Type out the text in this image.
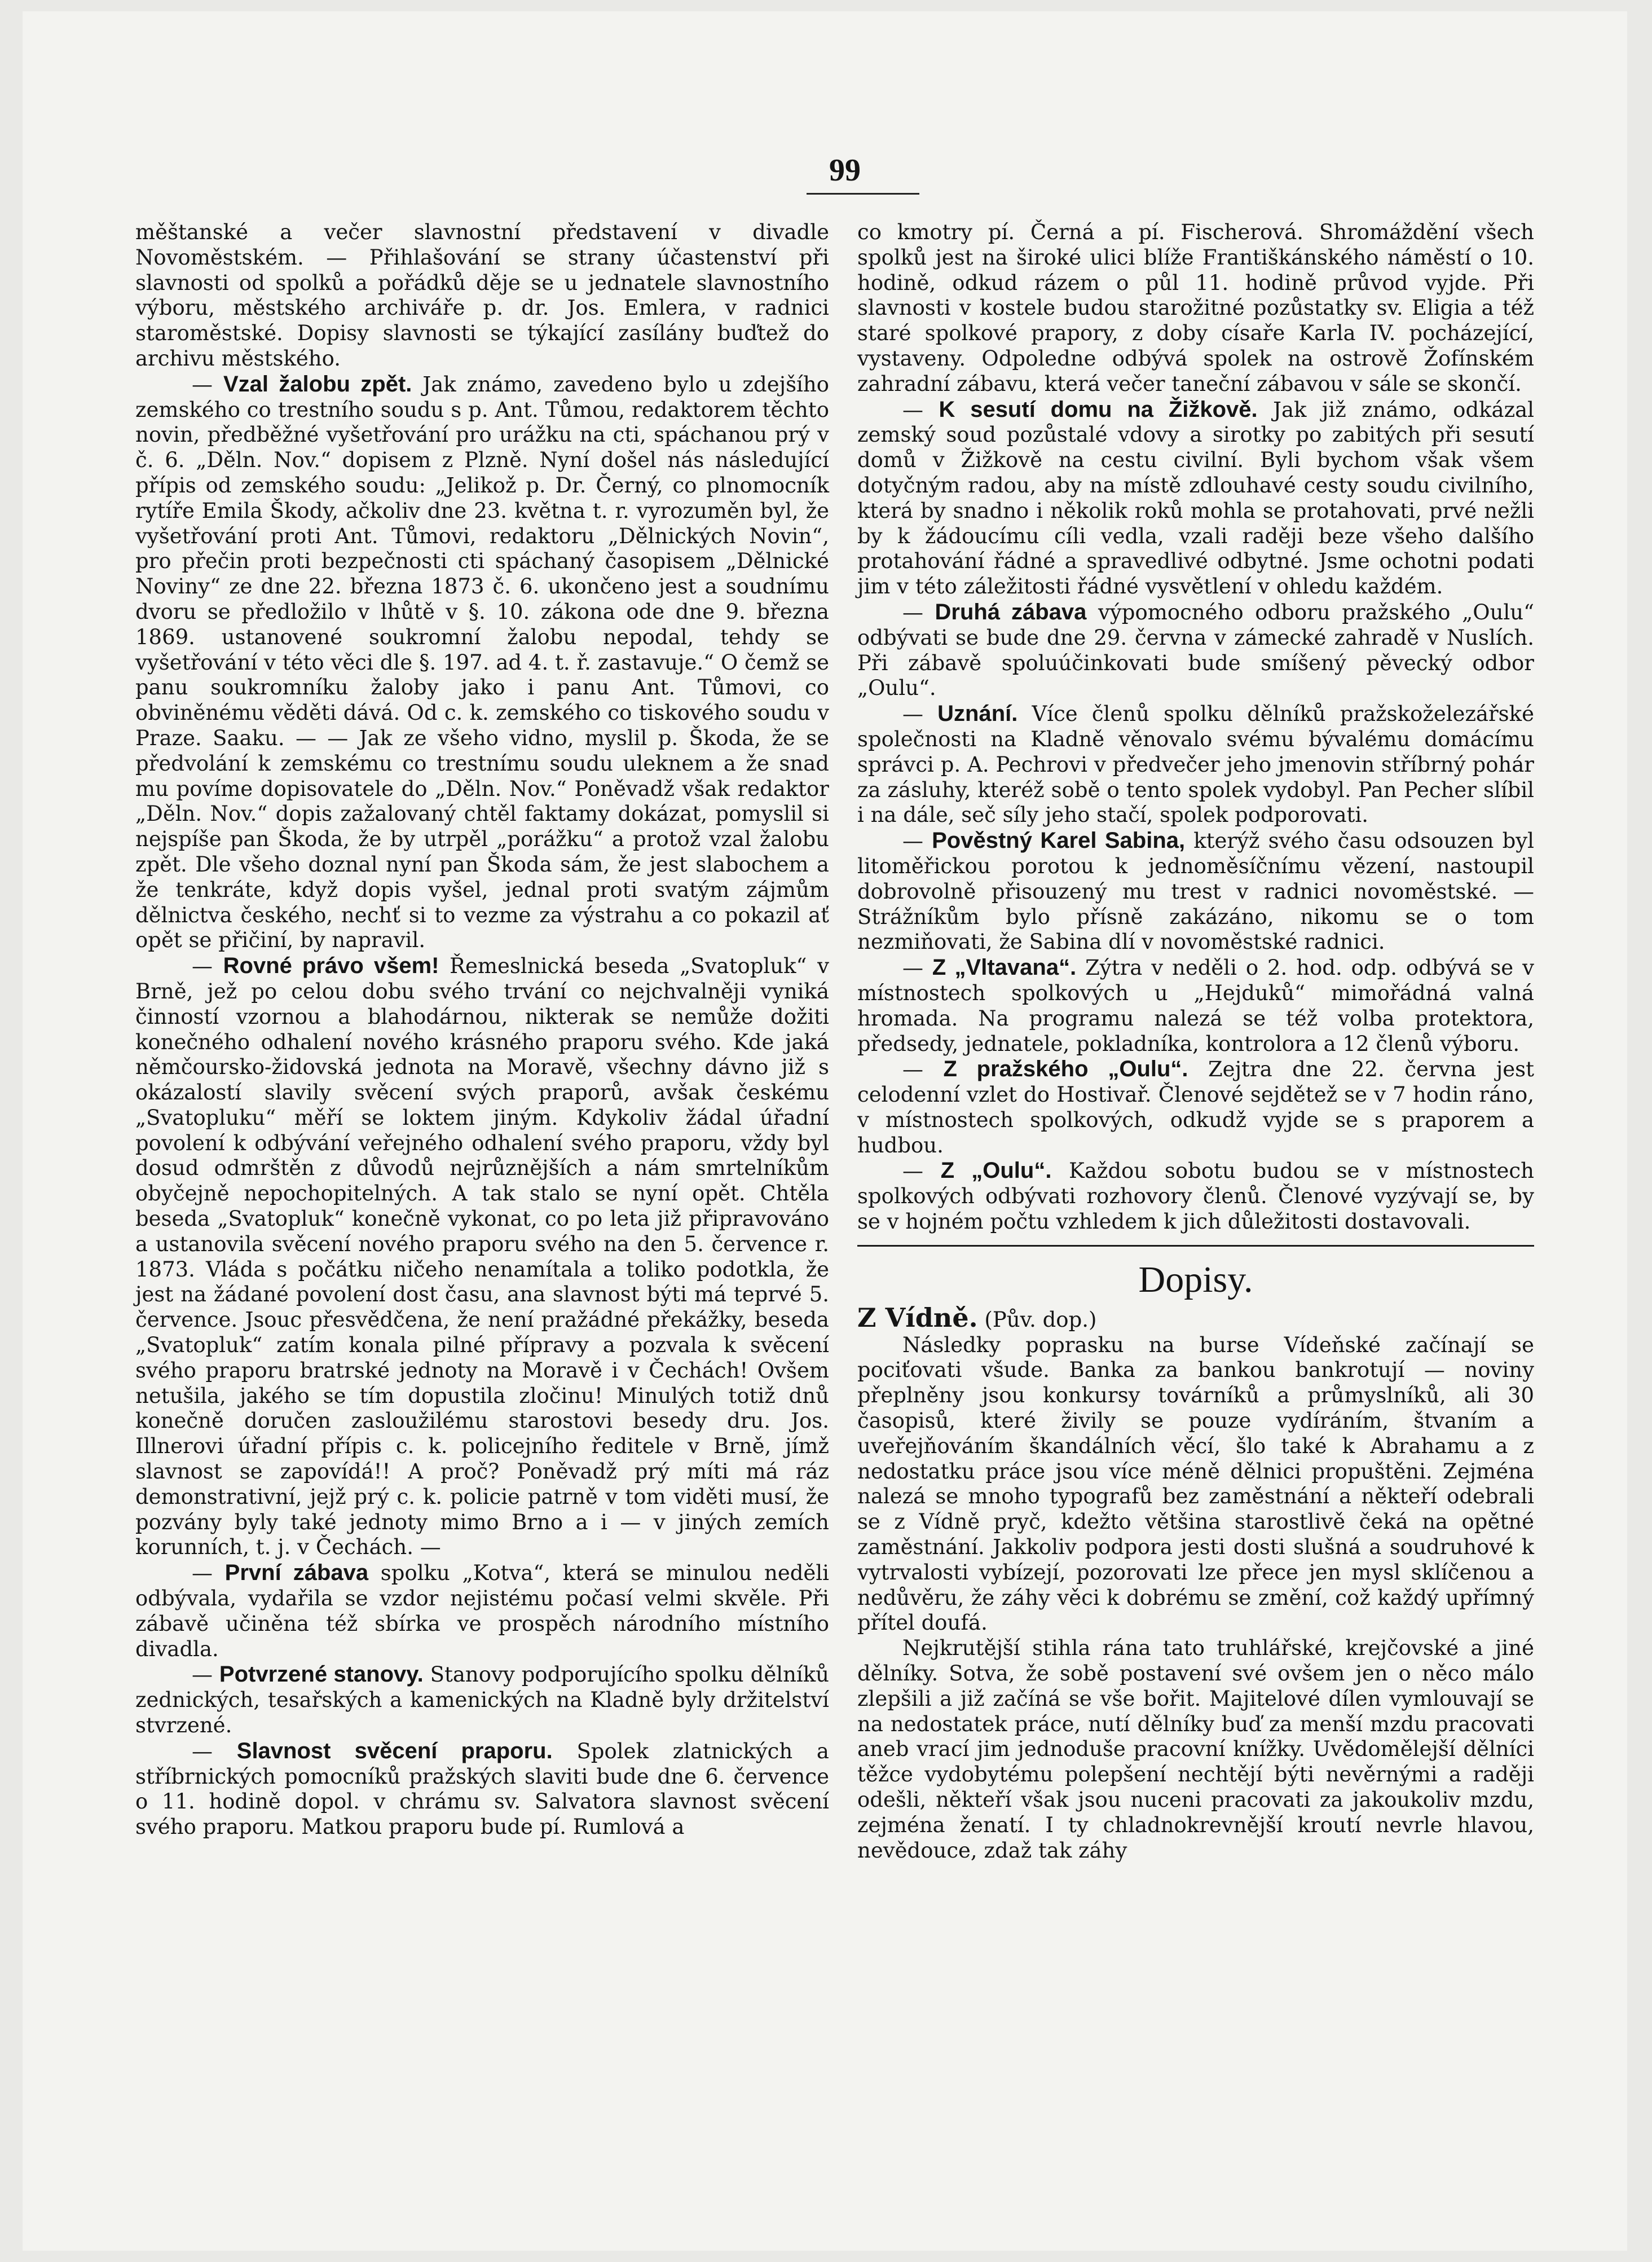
99

měštanské a večer slavnostní představení v divadle Novoměstském. — Přihlašování se strany účastenství při slavnosti od spolků a pořádků děje se u jednatele slavnostního výboru, městského archiváře p. dr. Jos. Emlera, v radnici staroměstské. Dopisy slavnosti se týkající zasílány buďtež do archivu městského.

— Vzal žalobu zpět. Jak známo, zavedeno bylo u zdejšího zemského co trestního soudu s p. Ant. Tůmou, redaktorem těchto novin, předběžné vyšetřování pro urážku na cti, spáchanou prý v č. 6. „Děln. Nov.“ dopisem z Plzně. Nyní došel nás následující přípis od zemského soudu: „Jelikož p. Dr. Černý, co plnomocník rytíře Emila Škody, ačkoliv dne 23. května t. r. vyrozuměn byl, že vyšetřování proti Ant. Tůmovi, redaktoru „Dělnických Novin“, pro přečin proti bezpečnosti cti spáchaný časopisem „Dělnické Noviny“ ze dne 22. března 1873 č. 6. ukončeno jest a soudnímu dvoru se předložilo v lhůtě v §. 10. zákona ode dne 9. března 1869. ustanovené soukromní žalobu nepodal, tehdy se vyšetřování v této věci dle §. 197. ad 4. t. ř. zastavuje.“ O čemž se panu soukromníku žaloby jako i panu Ant. Tůmovi, co obviněnému věděti dává. Od c. k. zemského co tiskového soudu v Praze. Saaku. — — Jak ze všeho vidno, myslil p. Škoda, že se předvolání k zemskému co trestnímu soudu uleknem a že snad mu povíme dopisovatele do „Děln. Nov.“ Poněvadž však redaktor „Děln. Nov.“ dopis zažalovaný chtěl faktamy dokázat, pomyslil si nejspíše pan Škoda, že by utrpěl „porážku“ a protož vzal žalobu zpět. Dle všeho doznal nyní pan Škoda sám, že jest slabochem a že tenkráte, když dopis vyšel, jednal proti svatým zájmům dělnictva českého, nechť si to vezme za výstrahu a co pokazil ať opět se přičiní, by napravil.

— Rovné právo všem! Řemeslnická beseda „Svatopluk“ v Brně, jež po celou dobu svého trvání co nejchvalněji vyniká činností vzornou a blahodárnou, nikterak se nemůže dožiti konečného odhalení nového krásného praporu svého. Kde jaká němčoursko-židovská jednota na Moravě, všechny dávno již s okázalostí slavily svěcení svých praporů, avšak českému „Svatopluku“ měří se loktem jiným. Kdykoliv žádal úřadní povolení k odbývání veřejného odhalení svého praporu, vždy byl dosud odmrštěn z důvodů nejrůznějších a nám smrtelníkům obyčejně nepochopitelných. A tak stalo se nyní opět. Chtěla beseda „Svatopluk“ konečně vykonat, co po leta již připravováno a ustanovila svěcení nového praporu svého na den 5. července r. 1873. Vláda s počátku ničeho nenamítala a toliko podotkla, že jest na žádané povolení dost času, ana slavnost býti má teprvé 5. července. Jsouc přesvědčena, že není pražádné překážky, beseda „Svatopluk“ zatím konala pilné přípravy a pozvala k svěcení svého praporu bratrské jednoty na Moravě i v Čechách! Ovšem netušila, jakého se tím dopustila zločinu! Minulých totiž dnů konečně doručen zasloužilému starostovi besedy dru. Jos. Illnerovi úřadní přípis c. k. policejního ředitele v Brně, jímž slavnost se zapovídá!! A proč? Poněvadž prý míti má ráz demonstrativní, jejž prý c. k. policie patrně v tom viděti musí, že pozvány byly také jednoty mimo Brno a i — v jiných zemích korunních, t. j. v Čechách. —

— První zábava spolku „Kotva“, která se minulou neděli odbývala, vydařila se vzdor nejistému počasí velmi skvěle. Při zábavě učiněna též sbírka ve prospěch národního místního divadla.

— Potvrzené stanovy. Stanovy podporujícího spolku dělníků zednických, tesařských a kamenických na Kladně byly držitelství stvrzené.

— Slavnost svěcení praporu. Spolek zlatnických a stříbrnických pomocníků pražských slaviti bude dne 6. července o 11. hodině dopol. v chrámu sv. Salvatora slavnost svěcení svého praporu. Matkou praporu bude pí. Rumlová a

co kmotry pí. Černá a pí. Fischerová. Shromáždění všech spolků jest na široké ulici blíže Františkánského náměstí o 10. hodině, odkud rázem o půl 11. hodině průvod vyjde. Při slavnosti v kostele budou starožitné pozůstatky sv. Eligia a též staré spolkové prapory, z doby císaře Karla IV. pocházející, vystaveny. Odpoledne odbývá spolek na ostrově Žofínském zahradní zábavu, která večer taneční zábavou v sále se skončí.

— K sesutí domu na Žižkově. Jak již známo, odkázal zemský soud pozůstalé vdovy a sirotky po zabitých při sesutí domů v Žižkově na cestu civilní. Byli bychom však všem dotyčným radou, aby na místě zdlouhavé cesty soudu civilního, která by snadno i několik roků mohla se protahovati, prvé nežli by k žádoucímu cíli vedla, vzali raději beze všeho dalšího protahování řádné a spravedlivé odbytné. Jsme ochotni podati jim v této záležitosti řádné vysvětlení v ohledu každém.

— Druhá zábava výpomocného odboru pražského „Oulu“ odbývati se bude dne 29. června v zámecké zahradě v Nuslích. Při zábavě spoluúčinkovati bude smíšený pěvecký odbor „Oulu“.

— Uznání. Více členů spolku dělníků pražskoželezářské společnosti na Kladně věnovalo svému bývalému domácímu správci p. A. Pechrovi v předvečer jeho jmenovin stříbrný pohár za zásluhy, kteréž sobě o tento spolek vydobyl. Pan Pecher slíbil i na dále, seč síly jeho stačí, spolek podporovati.

— Pověstný Karel Sabina, kterýž svého času odsouzen byl litoměřickou porotou k jednoměsíčnímu vězení, nastoupil dobrovolně přisouzený mu trest v radnici novoměstské. — Strážníkům bylo přísně zakázáno, nikomu se o tom nezmiňovati, že Sabina dlí v novoměstské radnici.

— Z „Vltavana“. Zýtra v neděli o 2. hod. odp. odbývá se v místnostech spolkových u „Hejduků“ mimořádná valná hromada. Na programu nalezá se též volba protektora, předsedy, jednatele, pokladníka, kontrolora a 12 členů výboru.

— Z pražského „Oulu“. Zejtra dne 22. června jest celodenní vzlet do Hostivař. Členové sejdětež se v 7 hodin ráno, v místnostech spolkových, odkudž vyjde se s praporem a hudbou.

— Z „Oulu“. Každou sobotu budou se v místnostech spolkových odbývati rozhovory členů. Členové vyzývají se, by se v hojném počtu vzhledem k jich důležitosti dostavovali.

Dopisy.

Z Vídně. (Pův. dop.)

Následky poprasku na burse Vídeňské začínají se pociťovati všude. Banka za bankou bankrotují — noviny přeplněny jsou konkursy továrníků a průmyslníků, ali 30 časopisů, které živily se pouze vydíráním, štvaním a uveřejňováním škandálních věcí, šlo také k Abrahamu a z nedostatku práce jsou více méně dělnici propuštěni. Zejména nalezá se mnoho typografů bez zaměstnání a někteří odebrali se z Vídně pryč, kdežto většina starostlivě čeká na opětné zaměstnání. Jakkoliv podpora jesti dosti slušná a soudruhové k vytrvalosti vybízejí, pozorovati lze přece jen mysl sklíčenou a nedůvěru, že záhy věci k dobrému se změní, což každý upřímný přítel doufá.

Nejkrutější stihla rána tato truhlářské, krejčovské a jiné dělníky. Sotva, že sobě postavení své ovšem jen o něco málo zlepšili a již začíná se vše bořit. Majitelové dílen vymlouvají se na nedostatek práce, nutí dělníky buď za menší mzdu pracovati aneb vrací jim jednoduše pracovní knížky. Uvědomělejší dělníci těžce vydobytému polepšení nechtějí býti nevěrnými a raději odešli, někteří však jsou nuceni pracovati za jakoukoliv mzdu, zejména ženatí. I ty chladnokrevnější kroutí nevrle hlavou, nevědouce, zdaž tak záhy
